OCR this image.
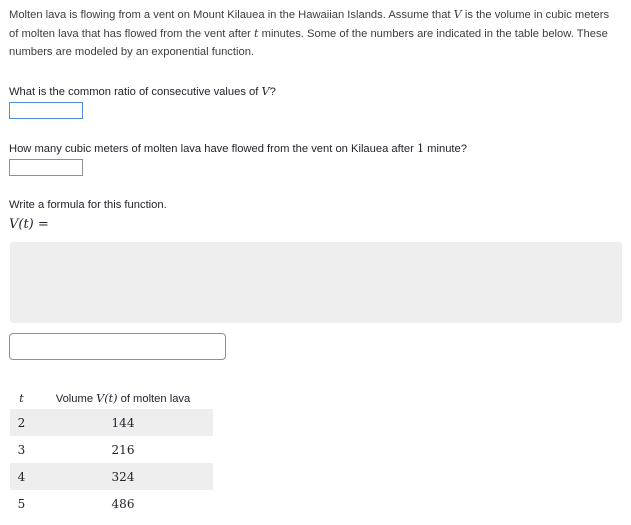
Molten lava is flowing from a vent on Mount Kilauea in the Hawaiian Islands. Assume that V is the volume in cubic meters of molten lava that has flowed from the vent after t minutes. Some of the numbers are indicated in the table below. These numbers are modeled by an exponential function.
What is the common ratio of consecutive values of V?
How many cubic meters of molten lava have flowed from the vent on Kilauea after 1 minute?
Write a formula for this function.
V(t) =
t	Volume V(t) of molten lava
2	144
3	216
4	324
5	486
